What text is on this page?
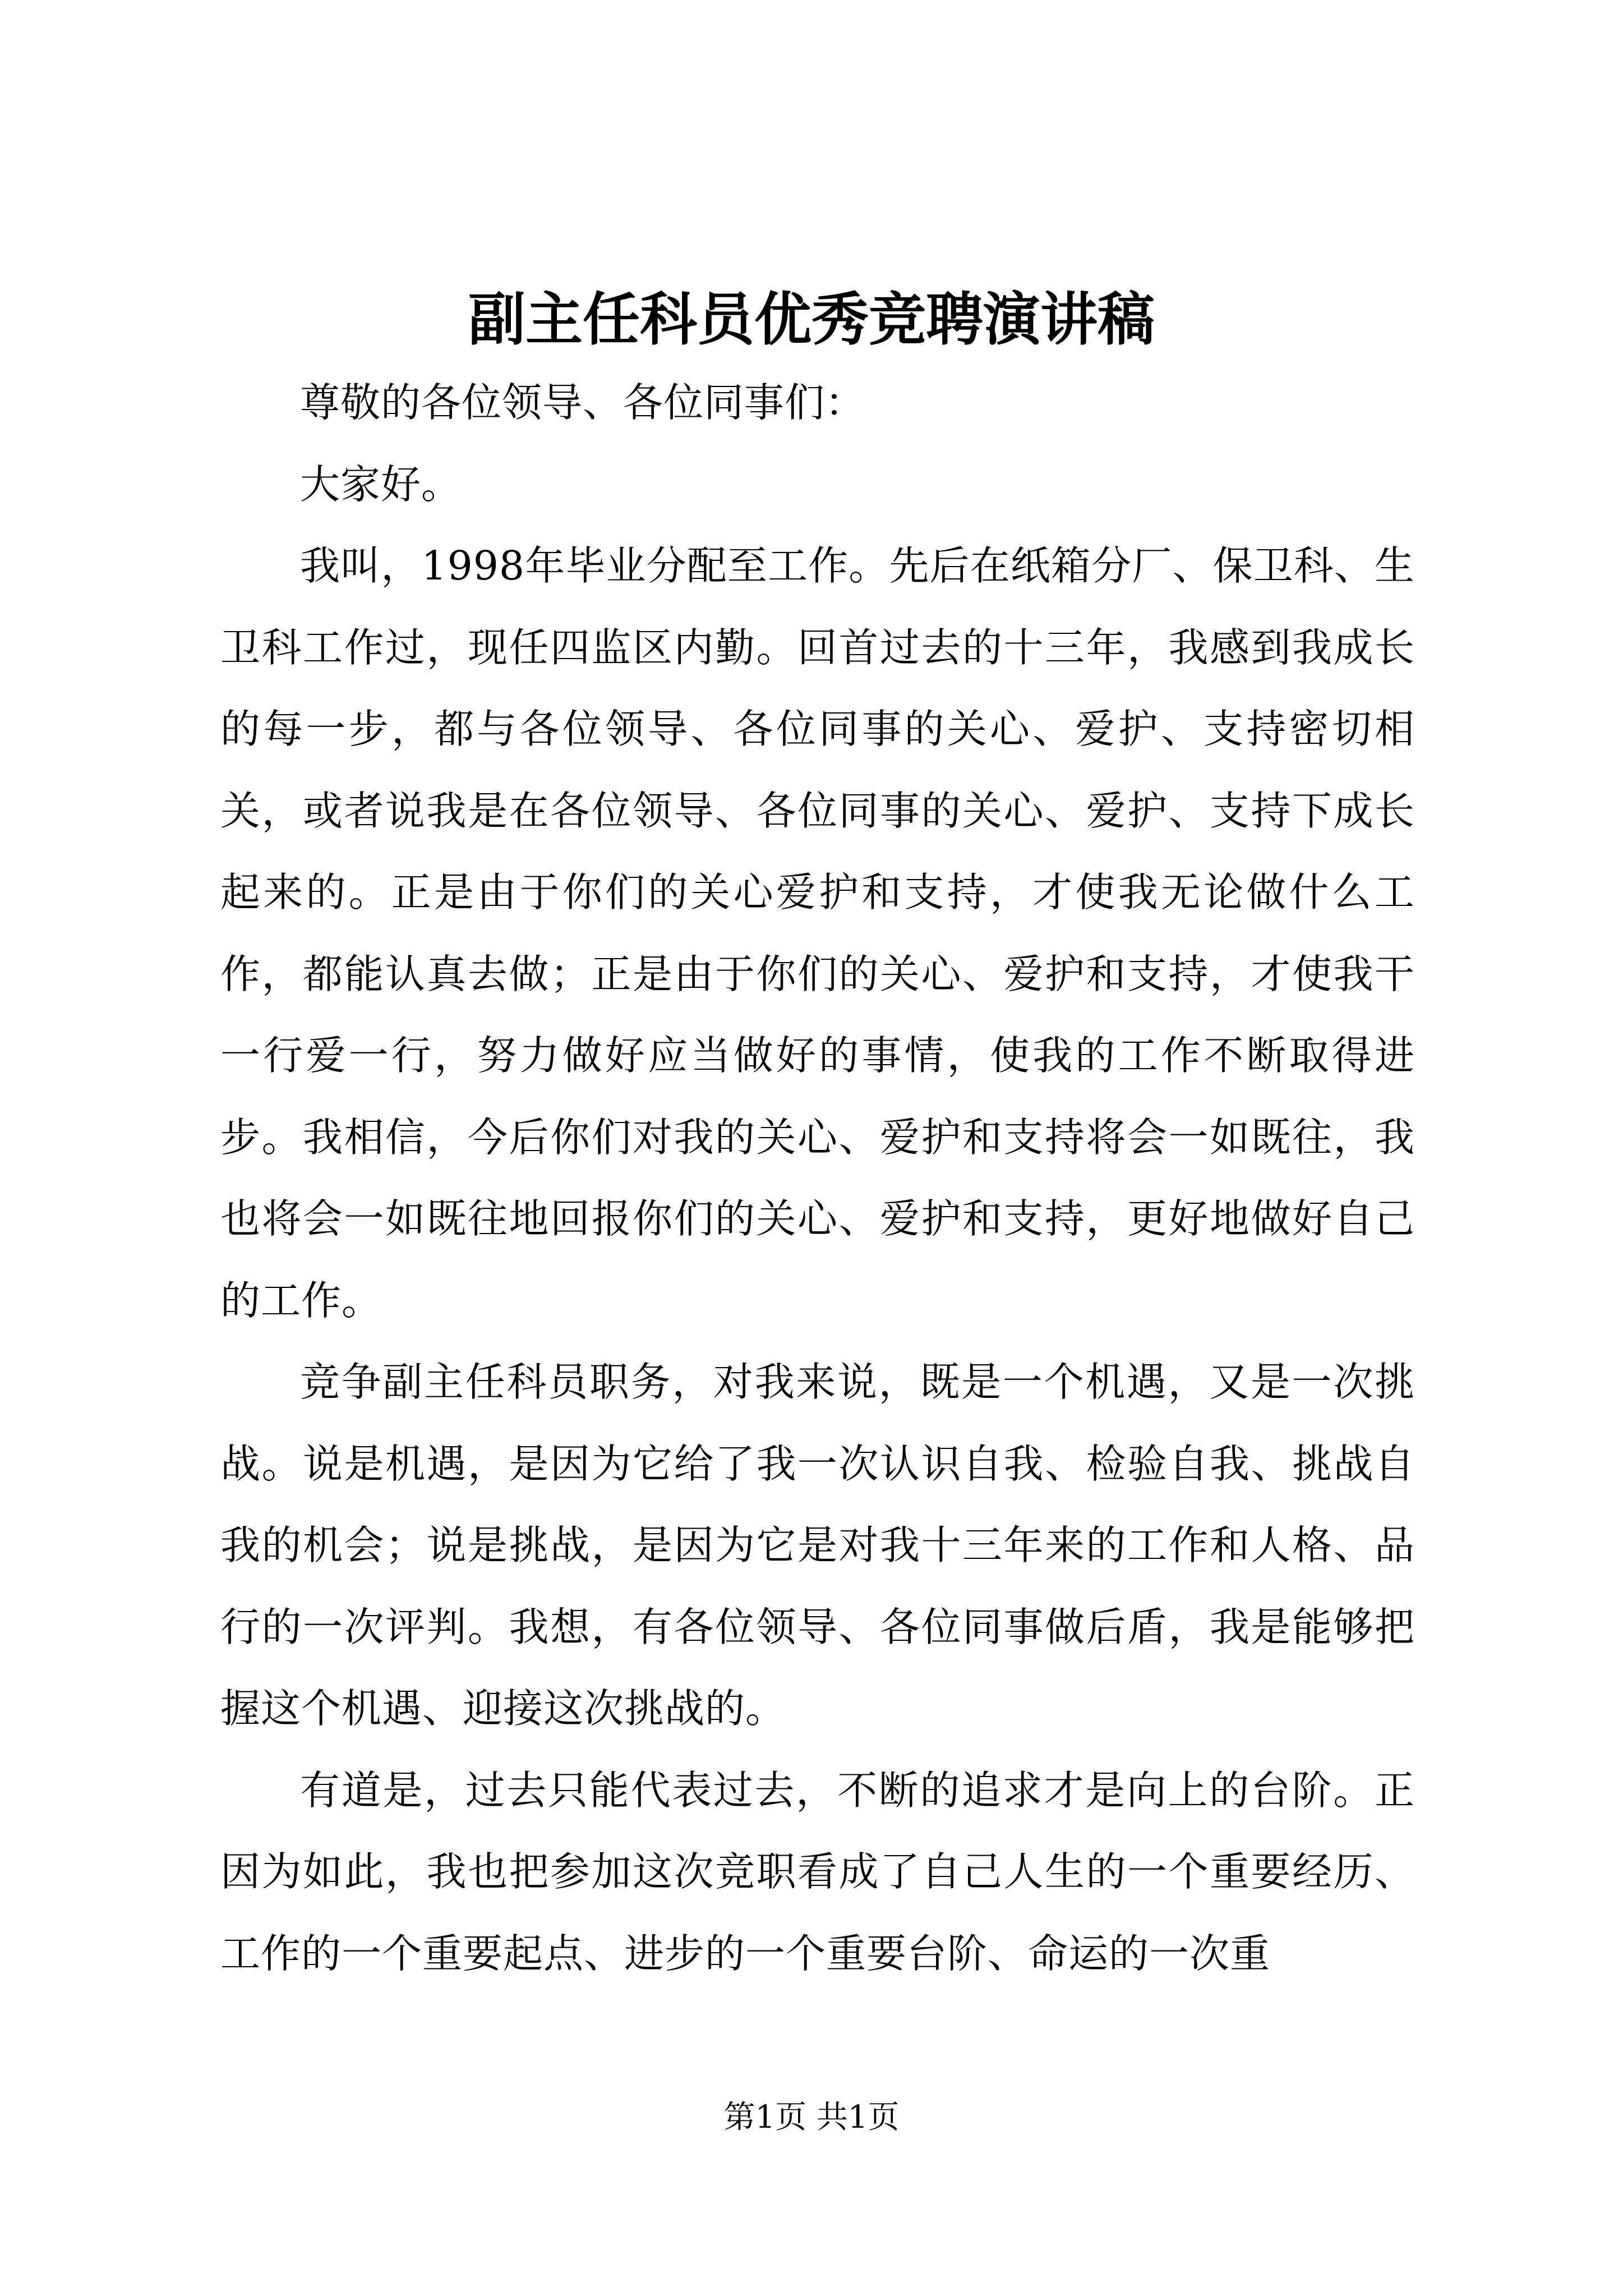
副主任科员优秀竞聘演讲稿

尊敬的各位领导、各位同事们：

大家好。

我叫，1998年毕业分配至工作。先后在纸箱分厂、保卫科、生卫科工作过，现任四监区内勤。回首过去的十三年，我感到我成长的每一步，都与各位领导、各位同事的关心、爱护、支持密切相关，或者说我是在各位领导、各位同事的关心、爱护、支持下成长起来的。正是由于你们的关心爱护和支持，才使我无论做什么工作，都能认真去做；正是由于你们的关心、爱护和支持，才使我干一行爱一行，努力做好应当做好的事情，使我的工作不断取得进步。我相信，今后你们对我的关心、爱护和支持将会一如既往，我也将会一如既往地回报你们的关心、爱护和支持，更好地做好自己的工作。

竞争副主任科员职务，对我来说，既是一个机遇，又是一次挑战。说是机遇，是因为它给了我一次认识自我、检验自我、挑战自我的机会；说是挑战，是因为它是对我十三年来的工作和人格、品行的一次评判。我想，有各位领导、各位同事做后盾，我是能够把握这个机遇、迎接这次挑战的。

有道是，过去只能代表过去，不断的追求才是向上的台阶。正因为如此，我也把参加这次竞职看成了自己人生的一个重要经历、工作的一个重要起点、进步的一个重要台阶、命运的一次重

第1页 共1页
